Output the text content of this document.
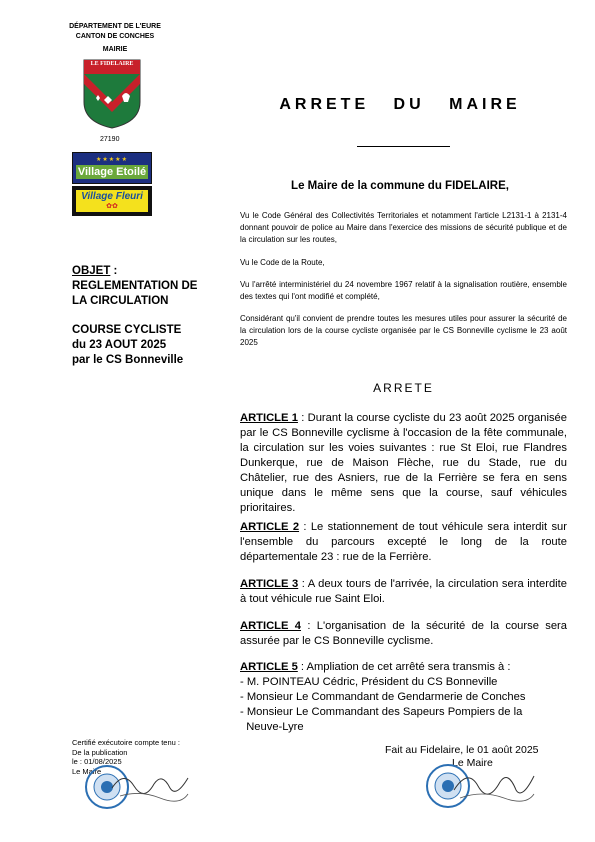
DÉPARTEMENT DE L'EURE
CANTON DE CONCHES
MAIRIE
LE FIDELAIRE
27190
★★★★★
Village Etoilé
Village Fleuri
✿✿
ARRETE DU MAIRE
Le Maire de la commune du FIDELAIRE,
Vu le Code Général des Collectivités Territoriales et notamment l'article L2131-1 à 2131-4 donnant pouvoir de police au Maire dans l'exercice des missions de sécurité publique et de la circulation sur les routes,
Vu le Code de la Route,
Vu l'arrêté interministériel du 24 novembre 1967 relatif à la signalisation routière, ensemble des textes qui l'ont modifié et complété,
Considérant qu'il convient de prendre toutes les mesures utiles pour assurer la sécurité de la circulation lors de la course cycliste organisée par le CS Bonneville cyclisme le 23 août 2025
OBJET :
REGLEMENTATION DE
LA CIRCULATION
COURSE CYCLISTE
du 23 AOUT 2025
par le CS Bonneville
ARRETE
ARTICLE 1 : Durant la course cycliste du 23 août 2025 organisée par le CS Bonneville cyclisme à l'occasion de la fête communale, la circulation sur les voies suivantes : rue St Eloi, rue Flandres Dunkerque, rue de Maison Flèche, rue du Stade, rue du Châtelier, rue des Asniers, rue de la Ferrière se fera en sens unique dans le même sens que la course, sauf véhicules prioritaires.
ARTICLE 2 : Le stationnement de tout véhicule sera interdit sur l'ensemble du parcours excepté le long de la route départementale 23 : rue de la Ferrière.
ARTICLE 3 : A deux tours de l'arrivée, la circulation sera interdite à tout véhicule rue Saint Eloi.
ARTICLE 4 : L'organisation de la sécurité de la course sera assurée par le CS Bonneville cyclisme.
ARTICLE 5 : Ampliation de cet arrêté sera transmis à :
- M. POINTEAU Cédric, Président du CS Bonneville
- Monsieur Le Commandant de Gendarmerie de Conches
- Monsieur Le Commandant des Sapeurs Pompiers de la
Neuve-Lyre
Certifié exécutoire compte tenu :
De la publication
le : 01/08/2025
Le Maire
Fait au Fidelaire, le 01 août 2025
Le Maire
